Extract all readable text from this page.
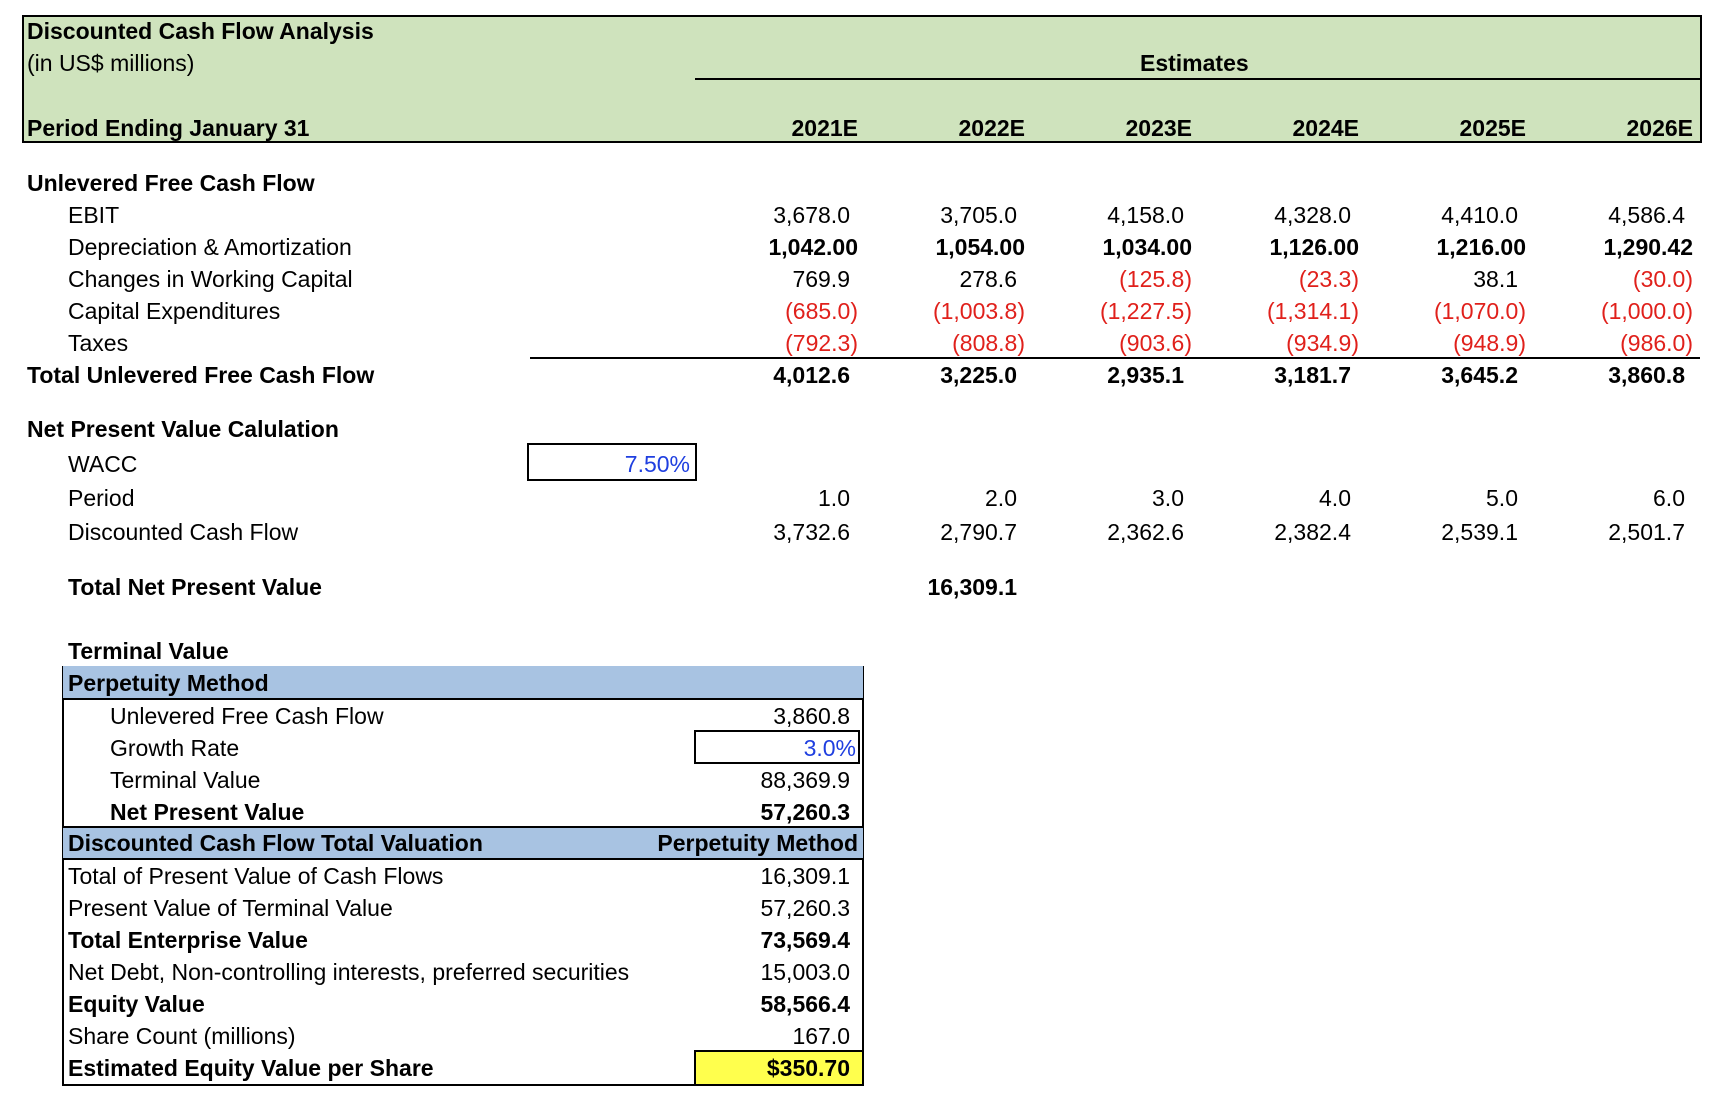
Discounted Cash Flow Analysis
(in US$ millions)	Estimates
Period Ending January 31	2021E	2022E	2023E	2024E	2025E	2026E
Unlevered Free Cash Flow
EBIT	3,678.0	3,705.0	4,158.0	4,328.0	4,410.0	4,586.4
Depreciation & Amortization	1,042.00	1,054.00	1,034.00	1,126.00	1,216.00	1,290.42
Changes in Working Capital	769.9	278.6	(125.8)	(23.3)	38.1	(30.0)
Capital Expenditures	(685.0)	(1,003.8)	(1,227.5)	(1,314.1)	(1,070.0)	(1,000.0)
Taxes	(792.3)	(808.8)	(903.6)	(934.9)	(948.9)	(986.0)
Total Unlevered Free Cash Flow	4,012.6	3,225.0	2,935.1	3,181.7	3,645.2	3,860.8
Net Present Value Calulation
WACC	7.50%
Period	1.0	2.0	3.0	4.0	5.0	6.0
Discounted Cash Flow	3,732.6	2,790.7	2,362.6	2,382.4	2,539.1	2,501.7
Total Net Present Value	16,309.1
Terminal Value
Perpetuity Method
Unlevered Free Cash Flow	3,860.8
Growth Rate	3.0%
Terminal Value	88,369.9
Net Present Value	57,260.3
Discounted Cash Flow Total Valuation	Perpetuity Method
Total of Present Value of Cash Flows	16,309.1
Present Value of Terminal Value	57,260.3
Total Enterprise Value	73,569.4
Net Debt, Non-controlling interests, preferred securities	15,003.0
Equity Value	58,566.4
Share Count (millions)	167.0
Estimated Equity Value per Share	$350.70
